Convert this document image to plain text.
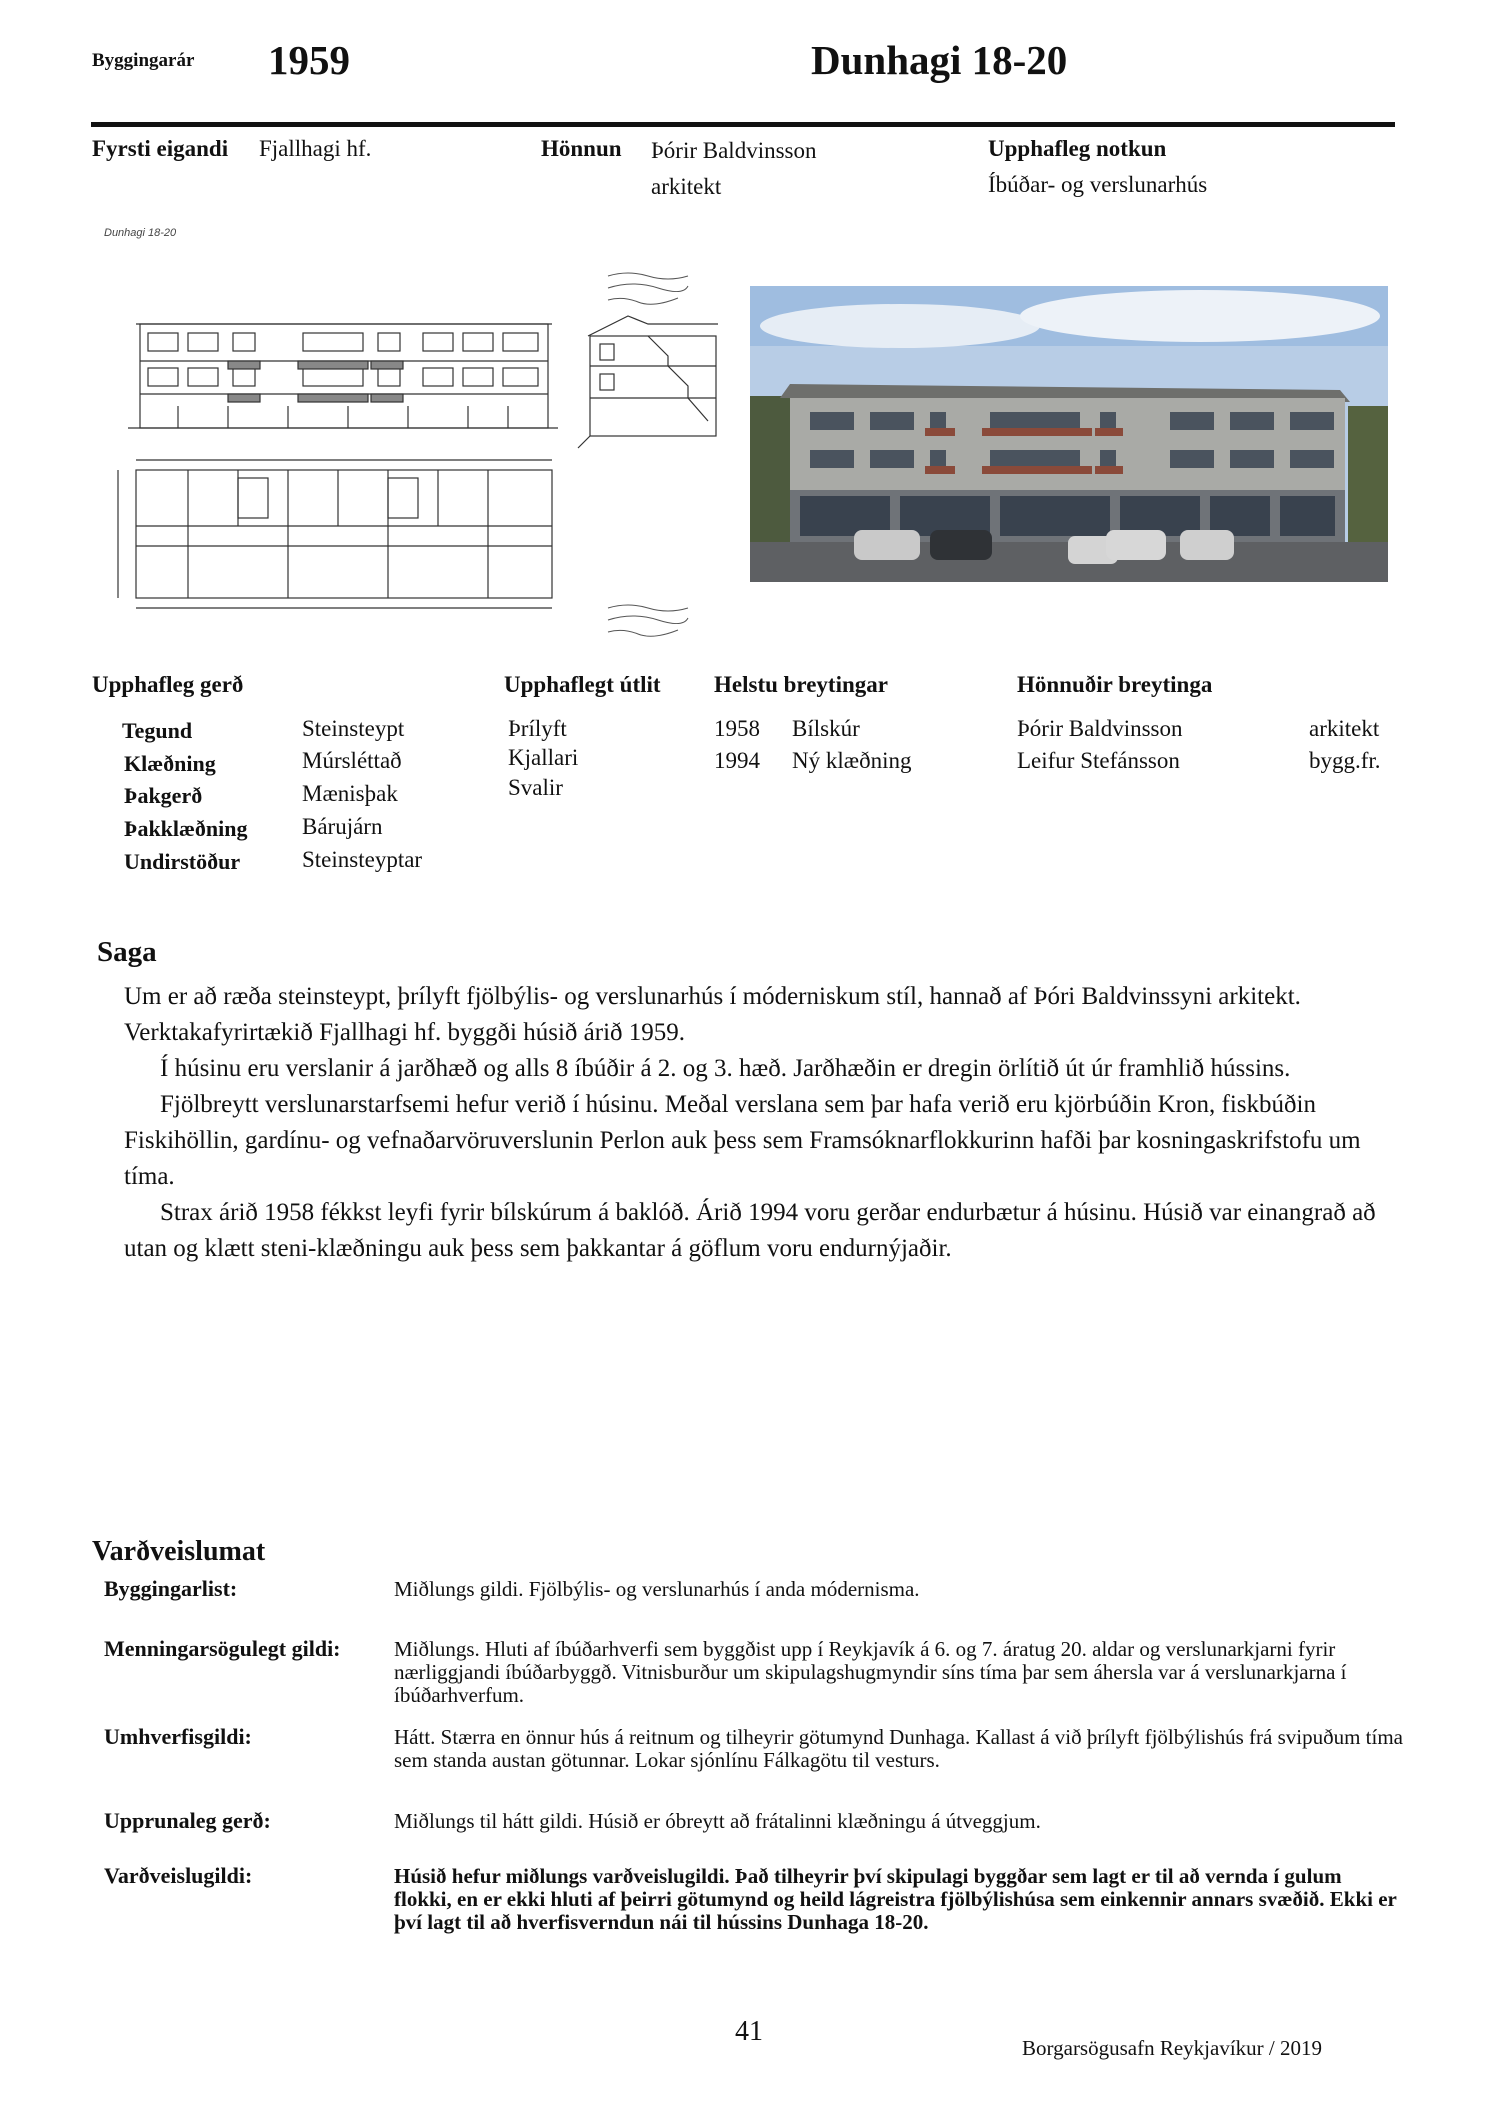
Byggingarár 1959	Dunhagi 18-20
Fyrsti eigandi Fjallhagi hf.	Hönnun Þórir Baldvinsson
arkitekt
Upphafleg notkun
Íbúðar- og verslunarhús
Dunhagi 18-20
Upphafleg gerð
Tegund	Steinsteypt
Klæðning	Múrsléttað
Þakgerð	Mænisþak
Þakklæðning Bárujárn
Undirstöður	Steinsteyptar
Upphaflegt útlit
Þrílyft
Kjallari
Svalir
Helstu breytingar
1958 Bílskúr
1994 Ný klæðning
Hönnuðir breytinga
Þórir Baldvinsson	arkitekt
Leifur Stefánsson	bygg.fr.
Saga

Um er að ræða steinsteypt, þrílyft fjölbýlis- og verslunarhús í móderniskum stíl, hannað af Þóri Baldvinssyni arkitekt. Verktakafyrirtækið Fjallhagi hf. byggði húsið árið 1959.

Í húsinu eru verslanir á jarðhæð og alls 8 íbúðir á 2. og 3. hæð. Jarðhæðin er dregin örlítið út úr framhlið hússins.

Fjölbreytt verslunarstarfsemi hefur verið í húsinu. Meðal verslana sem þar hafa verið eru kjörbúðin Kron, fiskbúðin Fiskihöllin, gardínu- og vefnaðarvöruverslunin Perlon auk þess sem Framsóknarflokkurinn hafði þar kosningaskrifstofu um tíma.

Strax árið 1958 fékkst leyfi fyrir bílskúrum á baklóð. Árið 1994 voru gerðar endurbætur á húsinu. Húsið var einangrað að utan og klætt steni-klæðningu auk þess sem þakkantar á göflum voru endurnýjaðir.

Varðveislumat
Byggingarlist:	Miðlungs gildi. Fjölbýlis- og verslunarhús í anda módernisma.
Menningarsögulegt gildi:	Miðlungs. Hluti af íbúðarhverfi sem byggðist upp í Reykjavík á 6. og 7. áratug 20. aldar og verslunarkjarni fyrir nærliggjandi íbúðarbyggð. Vitnisburður um skipulagshugmyndir síns tíma þar sem áhersla var á verslunarkjarna í íbúðarhverfum.
Umhverfisgildi:	Hátt. Stærra en önnur hús á reitnum og tilheyrir götumynd Dunhaga. Kallast á við þrílyft fjölbýlishús frá svipuðum tíma sem standa austan götunnar. Lokar sjónlínu Fálkagötu til vesturs.
Upprunaleg gerð:	Miðlungs til hátt gildi. Húsið er óbreytt að frátalinni klæðningu á útveggjum.
Varðveislugildi:	Húsið hefur miðlungs varðveislugildi. Það tilheyrir því skipulagi byggðar sem lagt er til að vernda í gulum flokki, en er ekki hluti af þeirri götumynd og heild lágreistra fjölbýlishúsa sem einkennir annars svæðið. Ekki er því lagt til að hverfisverndun nái til hússins Dunhaga 18-20.
41
Borgarsögusafn Reykjavíkur / 2019
